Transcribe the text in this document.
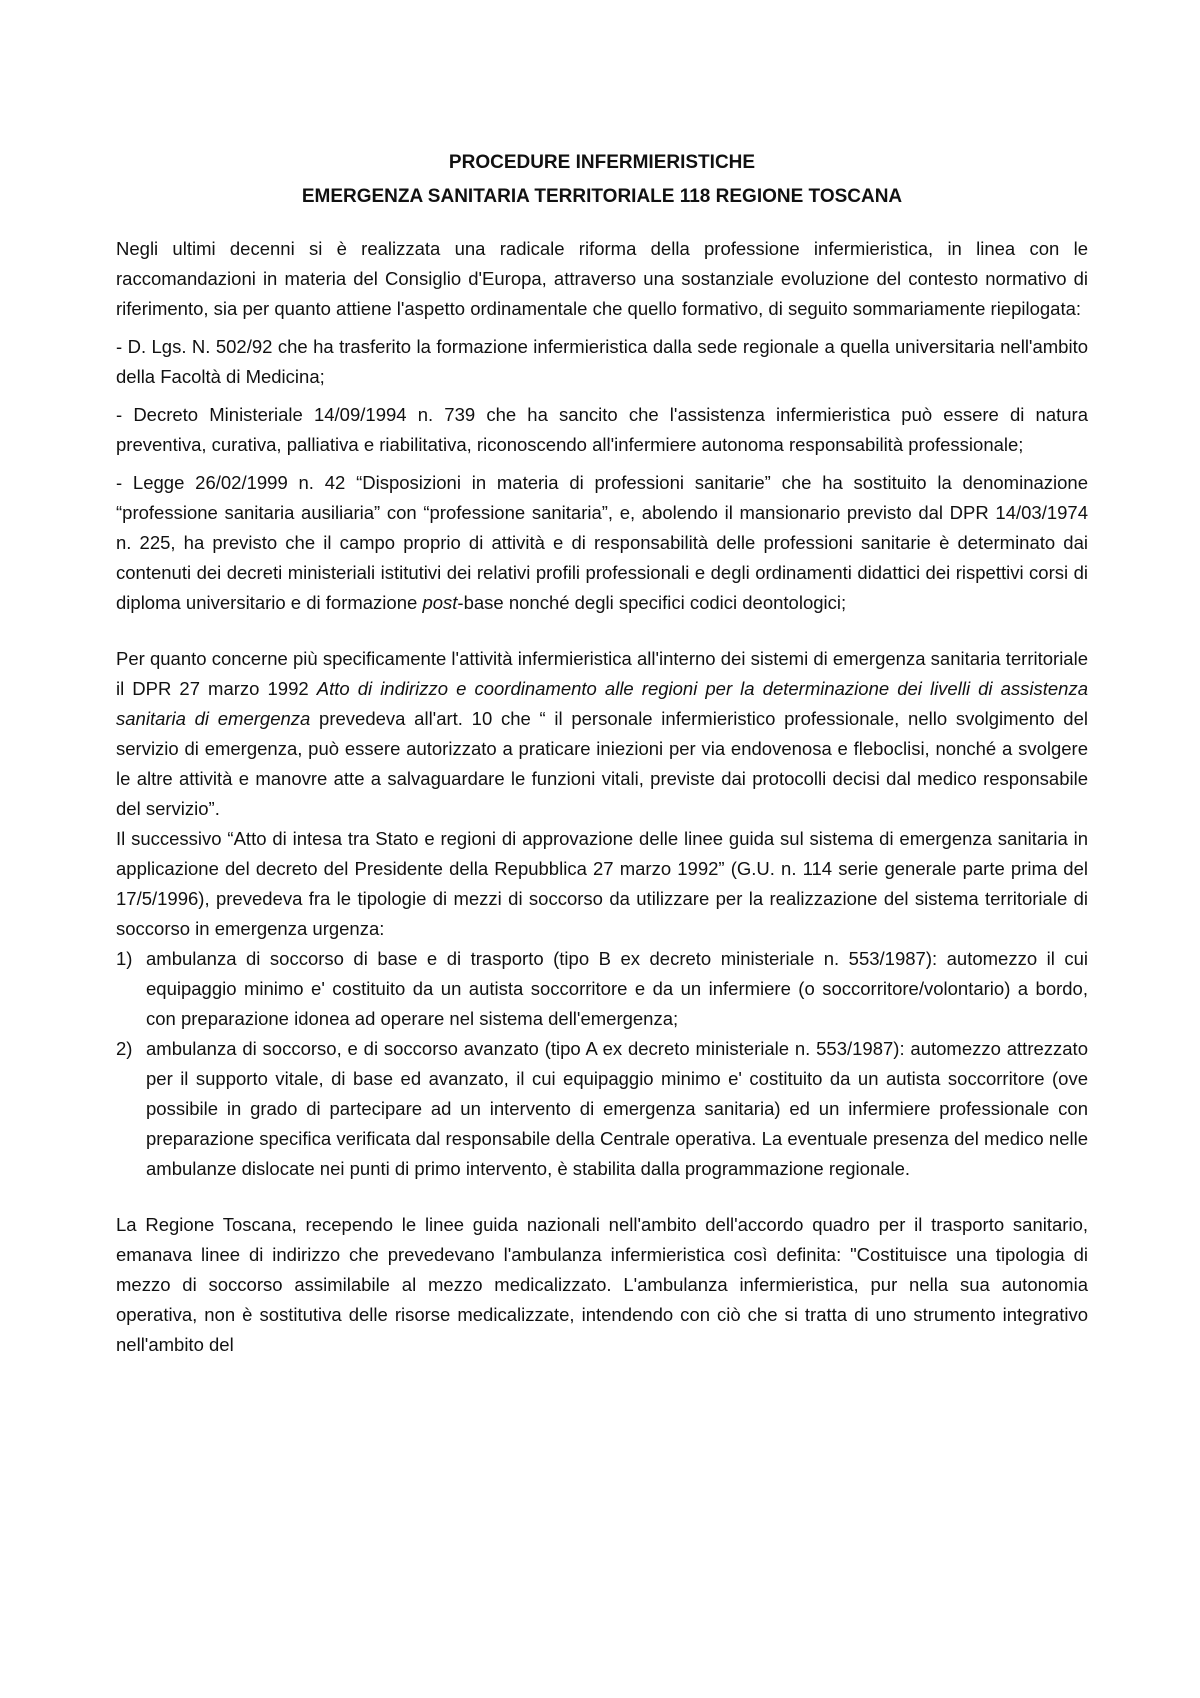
PROCEDURE INFERMIERISTICHE

EMERGENZA SANITARIA TERRITORIALE 118 REGIONE TOSCANA

Negli ultimi decenni si è realizzata una radicale riforma della professione infermieristica, in linea con le raccomandazioni in materia del Consiglio d'Europa, attraverso una sostanziale evoluzione del contesto normativo di riferimento, sia per quanto attiene l'aspetto ordinamentale che quello formativo, di seguito sommariamente riepilogata:

- D. Lgs. N. 502/92 che ha trasferito la formazione infermieristica dalla sede regionale a quella universitaria nell'ambito della Facoltà di Medicina;

- Decreto Ministeriale 14/09/1994 n. 739 che ha sancito che l'assistenza infermieristica può essere di natura preventiva, curativa, palliativa e riabilitativa, riconoscendo all'infermiere autonoma responsabilità professionale;

- Legge 26/02/1999 n. 42 “Disposizioni in materia di professioni sanitarie” che ha sostituito la denominazione “professione sanitaria ausiliaria” con “professione sanitaria”, e, abolendo il mansionario previsto dal DPR 14/03/1974 n. 225, ha previsto che il campo proprio di attività e di responsabilità delle professioni sanitarie è determinato dai contenuti dei decreti ministeriali istitutivi dei relativi profili professionali e degli ordinamenti didattici dei rispettivi corsi di diploma universitario e di formazione post-base nonché degli specifici codici deontologici;

Per quanto concerne più specificamente l'attività infermieristica all'interno dei sistemi di emergenza sanitaria territoriale il DPR 27 marzo 1992 Atto di indirizzo e coordinamento alle regioni per la determinazione dei livelli di assistenza sanitaria di emergenza prevedeva all'art. 10 che “ il personale infermieristico professionale, nello svolgimento del servizio di emergenza, può essere autorizzato a praticare iniezioni per via endovenosa e fleboclisi, nonché a svolgere le altre attività e manovre atte a salvaguardare le funzioni vitali, previste dai protocolli decisi dal medico responsabile del servizio”.

Il successivo “Atto di intesa tra Stato e regioni di approvazione delle linee guida sul sistema di emergenza sanitaria in applicazione del decreto del Presidente della Repubblica 27 marzo 1992” (G.U. n. 114 serie generale parte prima del 17/5/1996), prevedeva fra le tipologie di mezzi di soccorso da utilizzare per la realizzazione del sistema territoriale di soccorso in emergenza urgenza:

1) ambulanza di soccorso di base e di trasporto (tipo B ex decreto ministeriale n. 553/1987): automezzo il cui equipaggio minimo e' costituito da un autista soccorritore e da un infermiere (o soccorritore/volontario) a bordo, con preparazione idonea ad operare nel sistema dell'emergenza;
2) ambulanza di soccorso, e di soccorso avanzato (tipo A ex decreto ministeriale n. 553/1987): automezzo attrezzato per il supporto vitale, di base ed avanzato, il cui equipaggio minimo e' costituito da un autista soccorritore (ove possibile in grado di partecipare ad un intervento di emergenza sanitaria) ed un infermiere professionale con preparazione specifica verificata dal responsabile della Centrale operativa. La eventuale presenza del medico nelle ambulanze dislocate nei punti di primo intervento, è stabilita dalla programmazione regionale.

La Regione Toscana, recependo le linee guida nazionali nell'ambito dell'accordo quadro per il trasporto sanitario, emanava linee di indirizzo che prevedevano l'ambulanza infermieristica così definita: "Costituisce una tipologia di mezzo di soccorso assimilabile al mezzo medicalizzato. L'ambulanza infermieristica, pur nella sua autonomia operativa, non è sostitutiva delle risorse medicalizzate, intendendo con ciò che si tratta di uno strumento integrativo nell'ambito del
